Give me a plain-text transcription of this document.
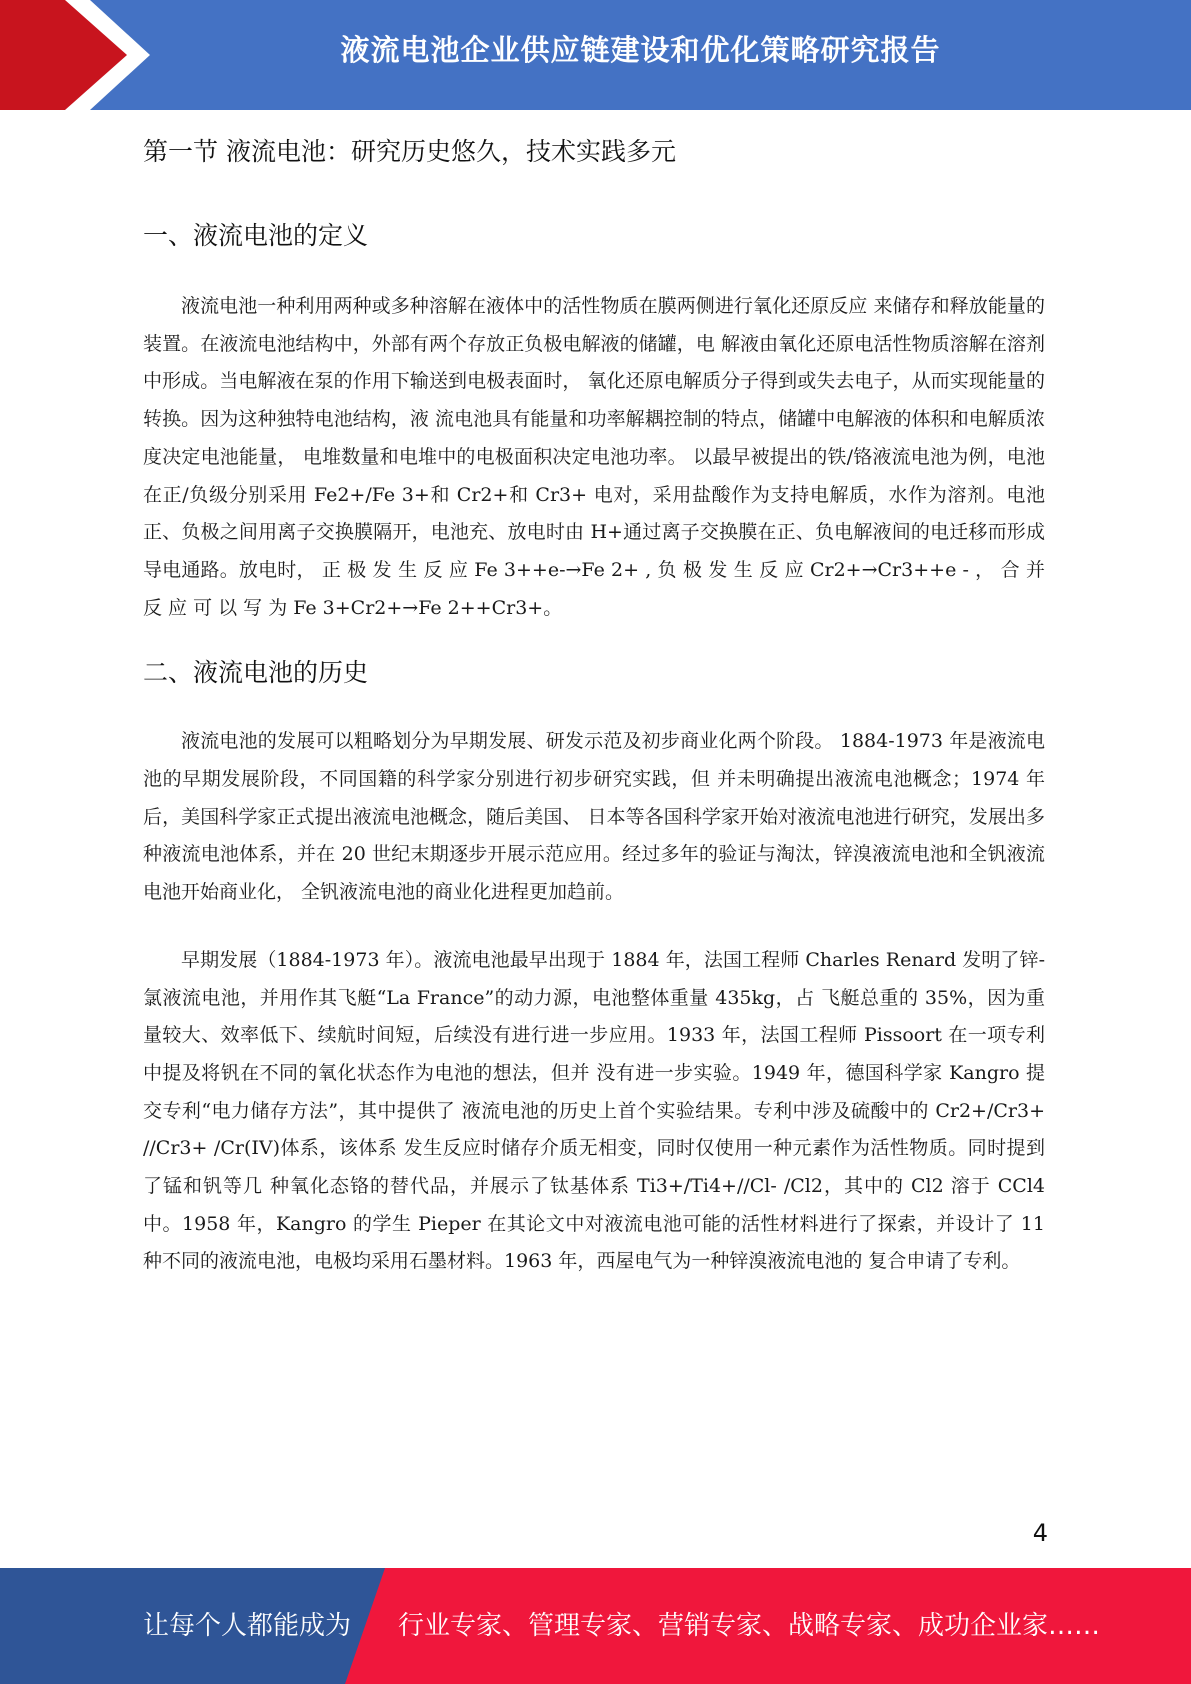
液流电池企业供应链建设和优化策略研究报告
第一节 液流电池：研究历史悠久，技术实践多元
一、液流电池的定义

液流电池一种利用两种或多种溶解在液体中的活性物质在膜两侧进行氧化还原反应 来储存和释放能量的装置。在液流电池结构中，外部有两个存放正负极电解液的储罐，电 解液由氧化还原电活性物质溶解在溶剂中形成。当电解液在泵的作用下输送到电极表面时， 氧化还原电解质分子得到或失去电子，从而实现能量的转换。因为这种独特电池结构，液 流电池具有能量和功率解耦控制的特点，储罐中电解液的体积和电解质浓度决定电池能量， 电堆数量和电堆中的电极面积决定电池功率。 以最早被提出的铁/铬液流电池为例，电池在正/负级分别采用 Fe2+/Fe 3+和 Cr2+和 Cr3+ 电对，采用盐酸作为支持电解质，水作为溶剂。电池正、负极之间用离子交换膜隔开，电池充、放电时由 H+通过离子交换膜在正、负电解液间的电迁移而形成导电通路。放电时， 正 极 发 生 反 应 Fe 3++e-→Fe 2+ , 负 极 发 生 反 应 Cr2+→Cr3++e - ， 合 并 反 应 可 以 写 为 Fe 3+Cr2+→Fe 2++Cr3+。

二、液流电池的历史

液流电池的发展可以粗略划分为早期发展、研发示范及初步商业化两个阶段。 1884-1973 年是液流电池的早期发展阶段，不同国籍的科学家分别进行初步研究实践，但 并未明确提出液流电池概念；1974 年后，美国科学家正式提出液流电池概念，随后美国、 日本等各国科学家开始对液流电池进行研究，发展出多种液流电池体系，并在 20 世纪末期逐步开展示范应用。经过多年的验证与淘汰，锌溴液流电池和全钒液流电池开始商业化， 全钒液流电池的商业化进程更加趋前。

早期发展（1884-1973 年）。液流电池最早出现于 1884 年，法国工程师 Charles Renard 发明了锌-氯液流电池，并用作其飞艇“La France”的动力源，电池整体重量 435kg，占 飞艇总重的 35%，因为重量较大、效率低下、续航时间短，后续没有进行进一步应用。1933 年，法国工程师 Pissoort 在一项专利中提及将钒在不同的氧化状态作为电池的想法，但并 没有进一步实验。1949 年，德国科学家 Kangro 提交专利“电力储存方法”，其中提供了 液流电池的历史上首个实验结果。专利中涉及硫酸中的 Cr2+/Cr3+ //Cr3+ /Cr(IV)体系，该体系 发生反应时储存介质无相变，同时仅使用一种元素作为活性物质。同时提到了锰和钒等几 种氧化态铬的替代品，并展示了钛基体系 Ti3+/Ti4+//Cl- /Cl2，其中的 Cl2 溶于 CCl4 中。1958 年，Kangro 的学生 Pieper 在其论文中对液流电池可能的活性材料进行了探索，并设计了 11 种不同的液流电池，电极均采用石墨材料。1963 年，西屋电气为一种锌溴液流电池的 复合申请了专利。

4
让每个人都能成为 行业专家、管理专家、营销专家、战略专家、成功企业家……
